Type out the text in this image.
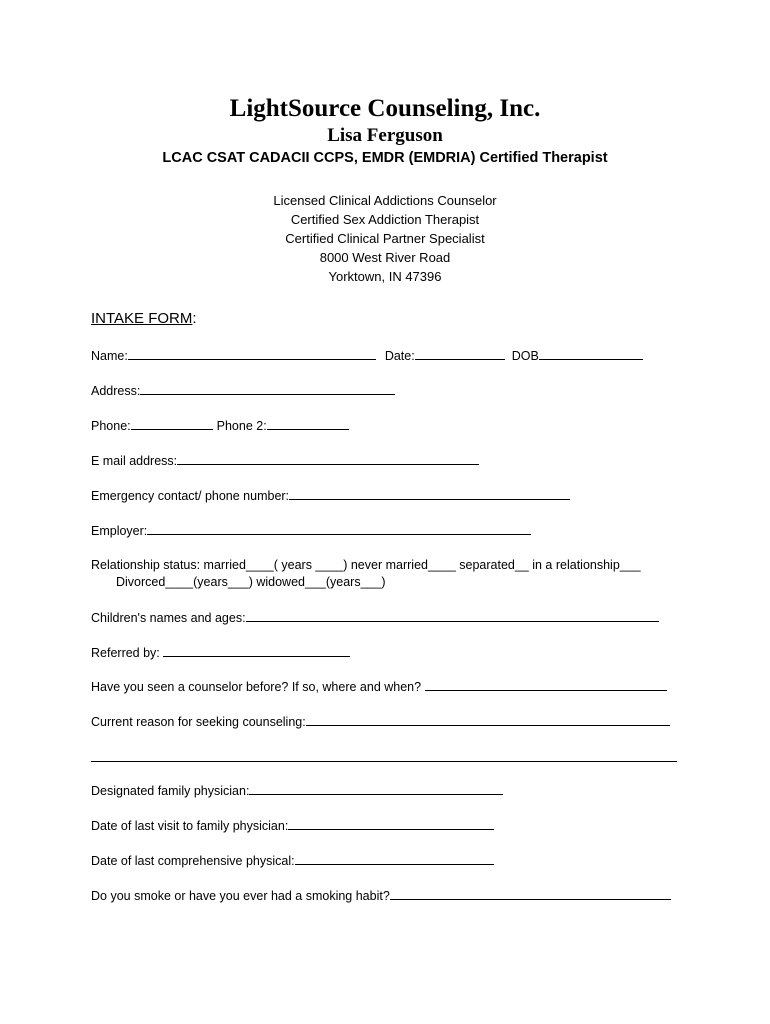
LightSource Counseling, Inc.
Lisa Ferguson
LCAC CSAT CADACII CCPS, EMDR (EMDRIA) Certified Therapist
Licensed Clinical Addictions Counselor
Certified Sex Addiction Therapist
Certified Clinical Partner Specialist
8000 West River Road
Yorktown, IN 47396
INTAKE FORM:
Name:	Date:	DOB
Address:
Phone:	Phone 2:
E mail address:
Emergency contact/ phone number:
Employer:
Relationship status: married____( years ____) never married____ separated__ in a relationship___
Divorced____(years___) widowed___(years___)
Children's names and ages:
Referred by:
Have you seen a counselor before? If so, where and when?
Current reason for seeking counseling:
Designated family physician:
Date of last visit to family physician:
Date of last comprehensive physical:
Do you smoke or have you ever had a smoking habit?
